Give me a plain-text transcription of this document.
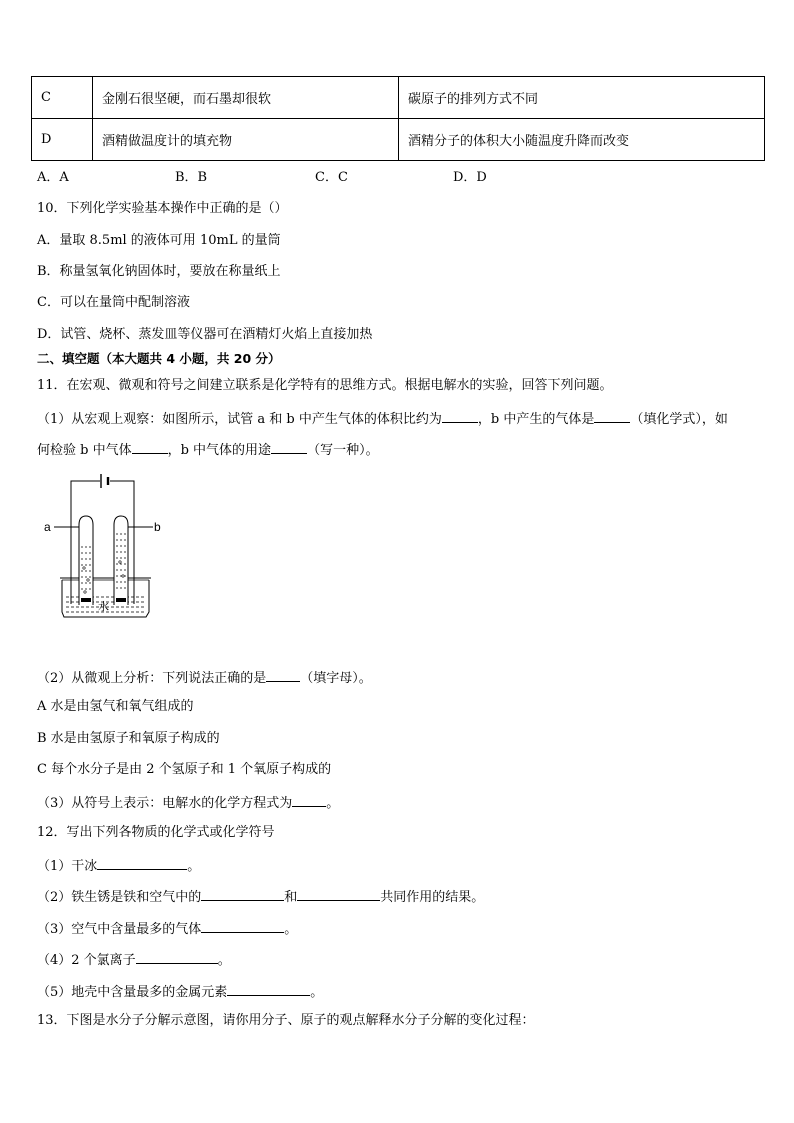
C	金刚石很坚硬，而石墨却很软	碳原子的排列方式不同
D	酒精做温度计的填充物	酒精分子的体积大小随温度升降而改变
A．A	B．B	C．C	D．D
10．下列化学实验基本操作中正确的是（）
A．量取 8.5ml 的液体可用 10mL 的量筒
B．称量氢氧化钠固体时，要放在称量纸上
C．可以在量筒中配制溶液
D．试管、烧杯、蒸发皿等仪器可在酒精灯火焰上直接加热
二、填空题（本大题共 4 小题，共 20 分）
11．在宏观、微观和符号之间建立联系是化学特有的思维方式。根据电解水的实验，回答下列问题。
（1）从宏观上观察：如图所示，试管 a 和 b 中产生气体的体积比约为	，b 中产生的气体是	（填化学式），如
何检验 b 中气体	，b 中气体的用途	（写一种）。
a	b
水
（2）从微观上分析：下列说法正确的是	（填字母）。
A 水是由氢气和氧气组成的
B 水是由氢原子和氧原子构成的
C 每个水分子是由 2 个氢原子和 1 个氧原子构成的
（3）从符号上表示：电解水的化学方程式为	。
12．写出下列各物质的化学式或化学符号
（1）干冰	。
（2）铁生锈是铁和空气中的	和	共同作用的结果。
（3）空气中含量最多的气体	。
（4）2 个氯离子	。
（5）地壳中含量最多的金属元素	。
13．下图是水分子分解示意图，请你用分子、原子的观点解释水分子分解的变化过程：
